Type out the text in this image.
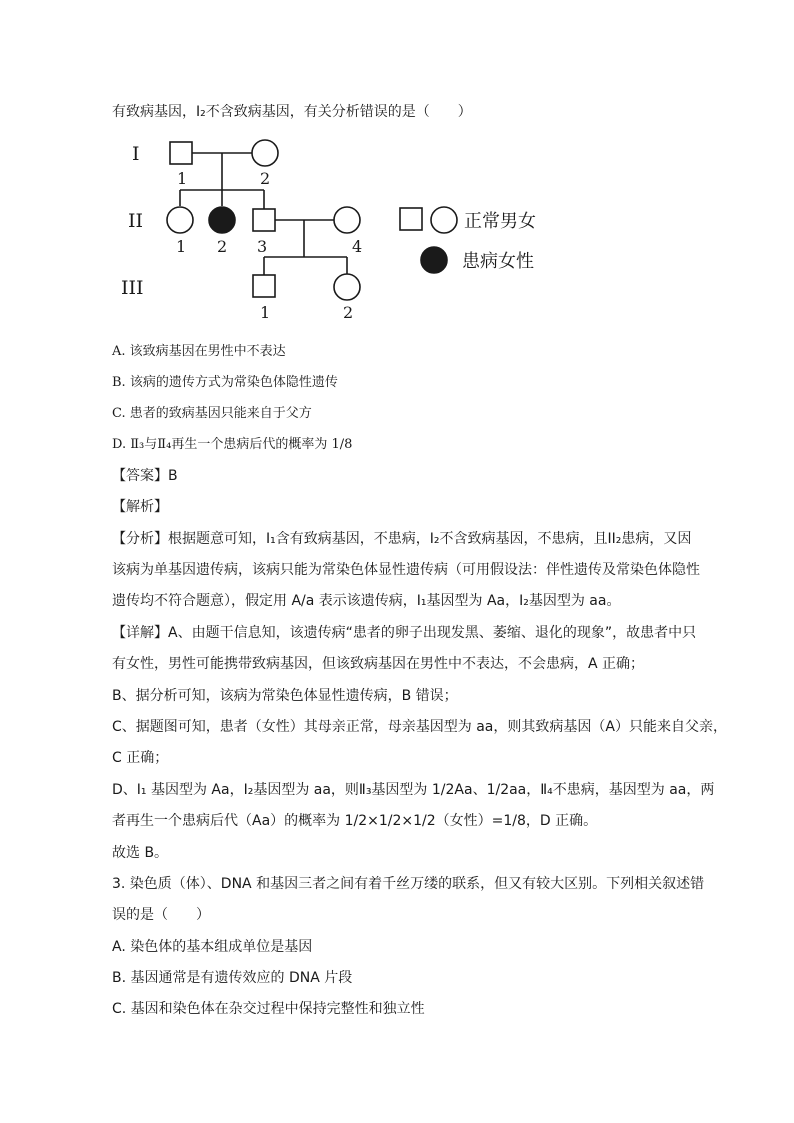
有致病基因，Ⅰ₂不含致病基因，有关分析错误的是（　　）
I
II
III
1	2
1 2 3	4
1	2
正常男女
患病女性
A. 该致病基因在男性中不表达
B. 该病的遗传方式为常染色体隐性遗传
C. 患者的致病基因只能来自于父方
D. Ⅱ₃与Ⅱ₄再生一个患病后代的概率为 1/8
【答案】B
【解析】
【分析】根据题意可知，I₁含有致病基因，不患病，I₂不含致病基因，不患病，且II₂患病，又因
该病为单基因遗传病，该病只能为常染色体显性遗传病（可用假设法：伴性遗传及常染色体隐性
遗传均不符合题意），假定用 A/a 表示该遗传病，I₁基因型为 Aa，I₂基因型为 aa。
【详解】A、由题干信息知，该遗传病“患者的卵子出现发黑、萎缩、退化的现象”，故患者中只
有女性，男性可能携带致病基因，但该致病基因在男性中不表达，不会患病，A 正确；
B、据分析可知，该病为常染色体显性遗传病，B 错误；
C、据题图可知，患者（女性）其母亲正常，母亲基因型为 aa，则其致病基因（A）只能来自父亲，
C 正确；
D、I₁ 基因型为 Aa，I₂基因型为 aa，则Ⅱ₃基因型为 1/2Aa、1/2aa，Ⅱ₄不患病，基因型为 aa，两
者再生一个患病后代（Aa）的概率为 1/2×1/2×1/2（女性）=1/8，D 正确。
故选 B。
3. 染色质（体）、DNA 和基因三者之间有着千丝万缕的联系，但又有较大区别。下列相关叙述错
误的是（　　）
A. 染色体的基本组成单位是基因
B. 基因通常是有遗传效应的 DNA 片段
C. 基因和染色体在杂交过程中保持完整性和独立性
